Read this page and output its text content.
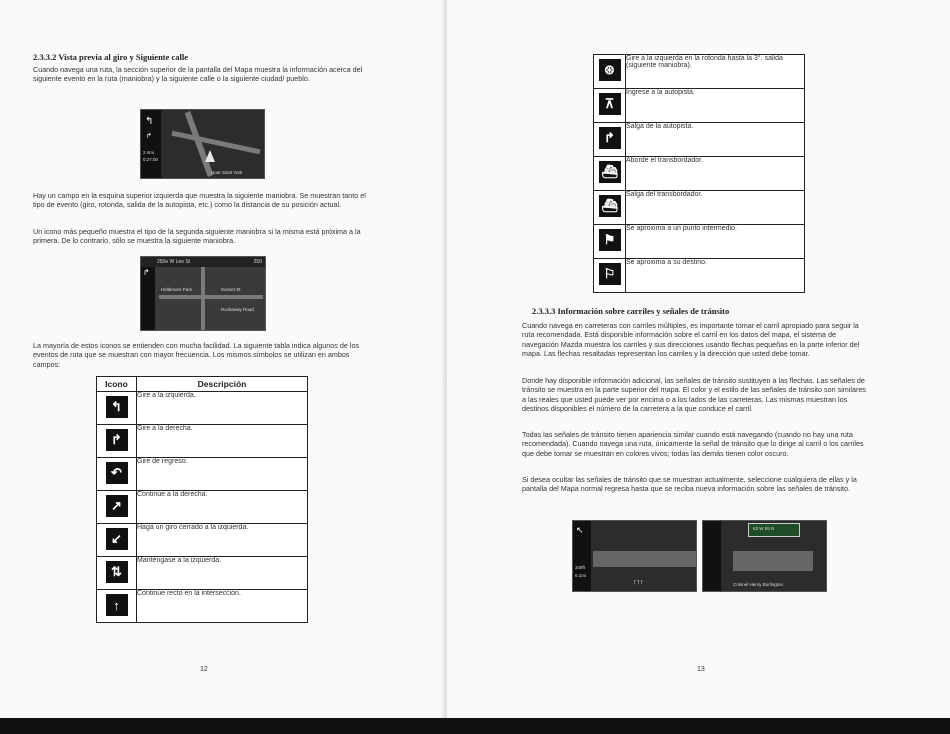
2.3.3.2 Vista previa al giro y Siguiente calle
Cuando navega una ruta, la sección superior de la pantalla del Mapa muestra la información acerca del siguiente evento en la ruta (maniobra) y la siguiente calle o la siguiente ciudad/ pueblo.
↰
↱
2.4mi
0:27:00
Hoar Saint York
Hay un campo en la esquina superior izquierda que muestra la siguiente maniobra. Se muestran tanto el tipo de evento (giro, rotonda, salida de la autopista, etc.) como la distancia de su posición actual.
Un icono más pequeño muestra el tipo de la segunda siguiente maniobra si la misma está próxima a la primera. De lo contrario, sólo se muestra la siguiente maniobra.
250e W Lee St	250
↱
Hellemore Park	Sunset St
Rockaway Road
La mayoría de estos iconos se entienden con mucha facilidad. La siguiente tabla indica algunos de los eventos de ruta que se muestran con mayor frecuencia. Los mismos símbolos se utilizan en ambos campos:
Icono	Descripción

↰	Gire a la izquierda.

↱	Gire a la derecha.

↶	Gire de regreso.

↗	Continúe a la derecha.

↙	Haga un giro cerrado a la izquierda.

⇅	Manténgase a la izquierda.

↑	Continúe recto en la intersección.
12
⊛	Gire a la izquierda en la rotonda hasta la 3°. salida (siguiente maniobra).

⊼	Ingrese a la autopista.

↱	Salga de la autopista.

⛴	Aborde el transbordador.

⛴	Salga del transbordador.

⚑	Se aproxima a un punto intermedio.

⚐	Se aproxima a su destino.
2.3.3.3 Información sobre carriles y señales de tránsito
Cuando navega en carreteras con carriles múltiples, es importante tomar el carril apropiado para seguir la ruta recomendada. Está disponible información sobre el carril en los datos del mapa, el sistema de navegación Mazda muestra los carriles y sus direcciones usando flechas pequeñas en la parte inferior del mapa. Las flechas resaltadas representan los carriles y la dirección que usted debe tomar.
Donde hay disponible información adicional, las señales de tránsito sustituyen a las flechas. Las señales de tránsito se muestra en la parte superior del mapa. El color y el estilo de las señales de tránsito son similares a las reales que usted puede ver por encima o a los lados de las carreteras. Las mismas muestran los destinos disponibles el número de la carretera a la que conduce el carril.
Todas las señales de tránsito tienen apariencia similar cuando está navegando (cuando no hay una ruta recomendada). Cuando navega una ruta, únicamente la señal de tránsito que lo dirige al carril o los carriles que debe tomar se muestran en colores vivos; todas las demás tienen color oscuro.
Si desea ocultar las señales de tránsito que se muestran actualmente, seleccione cualquiera de ellas y la pantalla del Mapa normal regresa hasta que se reciba nueva información sobre las señales de tránsito.
↖
349ft
6.1mi
↑↑↑
63 W 65 N
Colonel Henry Burlington
13
